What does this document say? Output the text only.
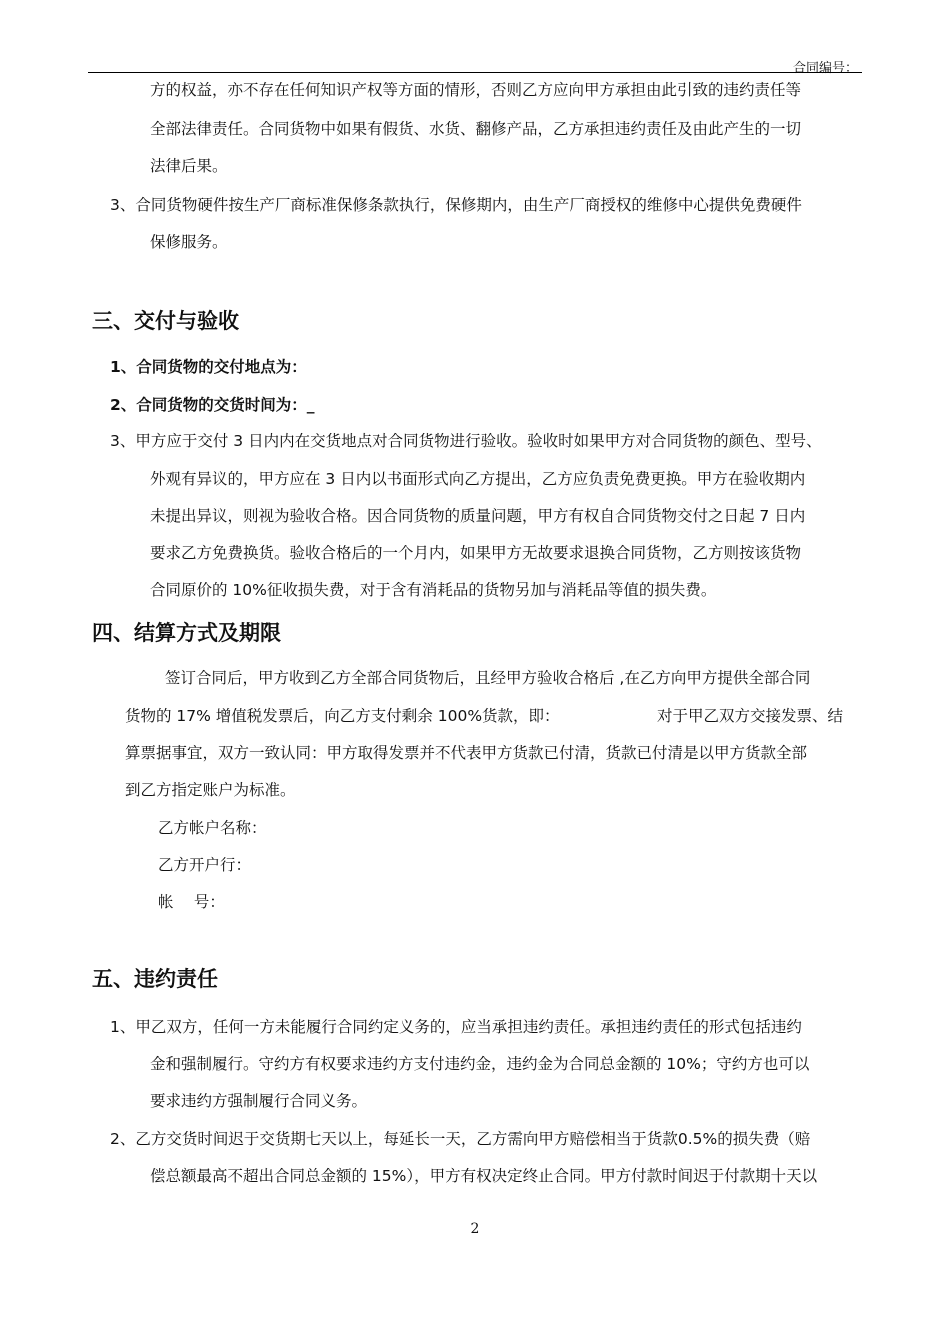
合同编号：
方的权益，亦不存在任何知识产权等方面的情形，否则乙方应向甲方承担由此引致的违约责任等
全部法律责任。合同货物中如果有假货、水货、翻修产品，乙方承担违约责任及由此产生的一切
法律后果。
3、合同货物硬件按生产厂商标准保修条款执行，保修期内，由生产厂商授权的维修中心提供免费硬件
保修服务。
三、交付与验收
1、合同货物的交付地点为：
2、合同货物的交货时间为：_
3、甲方应于交付 3 日内内在交货地点对合同货物进行验收。验收时如果甲方对合同货物的颜色、型号、
外观有异议的，甲方应在 3 日内以书面形式向乙方提出，乙方应负责免费更换。甲方在验收期内
未提出异议，则视为验收合格。因合同货物的质量问题，甲方有权自合同货物交付之日起 7 日内
要求乙方免费换货。验收合格后的一个月内，如果甲方无故要求退换合同货物，乙方则按该货物
合同原价的 10%征收损失费，对于含有消耗品的货物另加与消耗品等值的损失费。
四、结算方式及期限
签订合同后，甲方收到乙方全部合同货物后，且经甲方验收合格后 ,在乙方向甲方提供全部合同
货物的 17% 增值税发票后，向乙方支付剩余 100%货款，即：	对于甲乙双方交接发票、结
算票据事宜，双方一致认同：甲方取得发票并不代表甲方货款已付清，货款已付清是以甲方货款全部
到乙方指定账户为标准。
乙方帐户名称：
乙方开户行：
帐　 号：
五、违约责任
1、甲乙双方，任何一方未能履行合同约定义务的，应当承担违约责任。承担违约责任的形式包括违约
金和强制履行。守约方有权要求违约方支付违约金，违约金为合同总金额的 10%；守约方也可以
要求违约方强制履行合同义务。
2、乙方交货时间迟于交货期七天以上，每延长一天，乙方需向甲方赔偿相当于货款0.5%的损失费（赔
偿总额最高不超出合同总金额的 15%），甲方有权决定终止合同。甲方付款时间迟于付款期十天以
2
